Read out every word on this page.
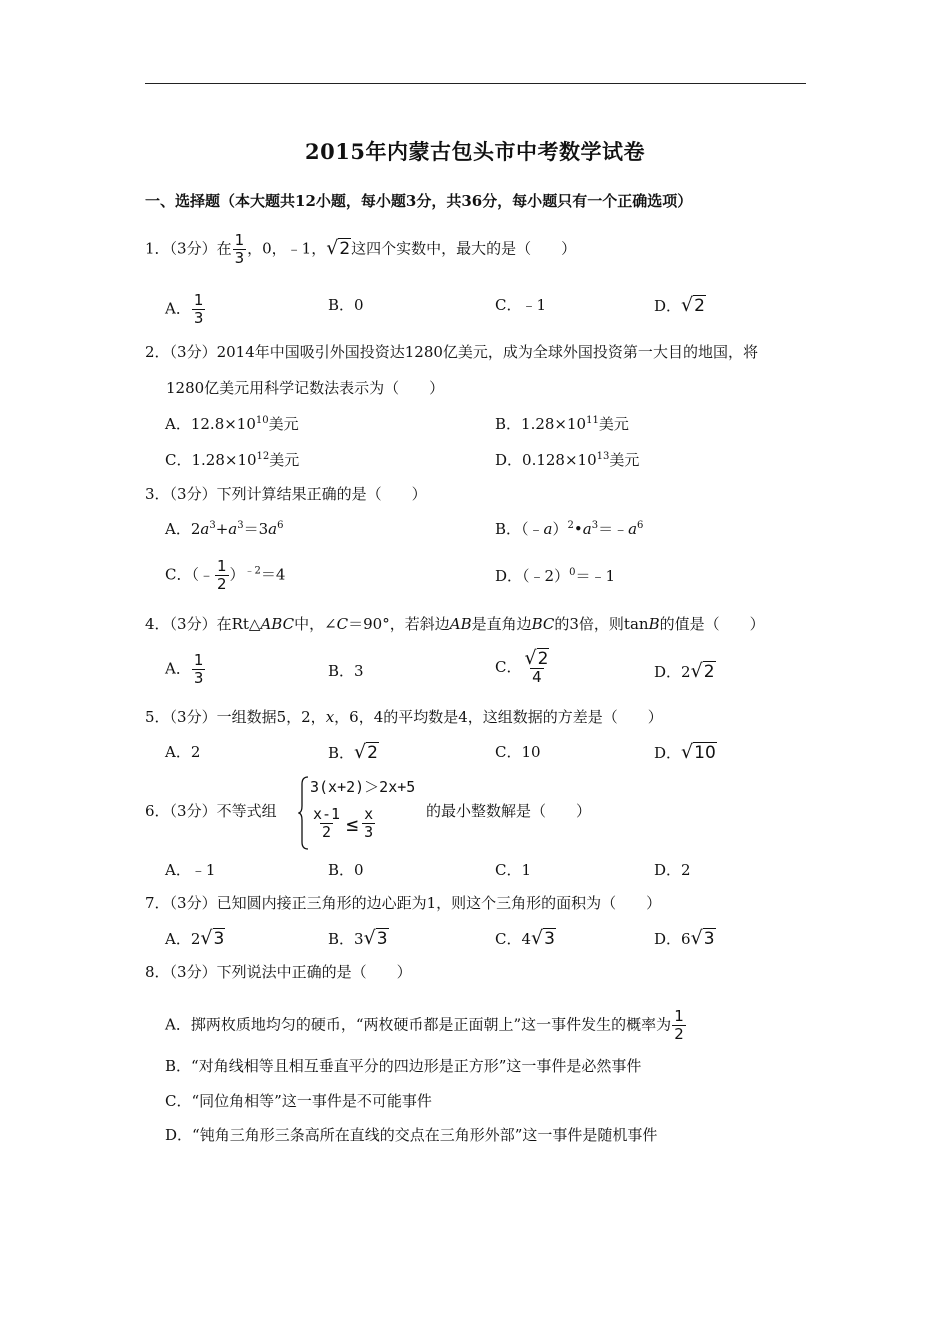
2015年内蒙古包头市中考数学试卷
一、选择题（本大题共12小题，每小题3分，共36分，每小题只有一个正确选项）
1．（3分）在 $\frac{1}{3}$ ，0，﹣1，√2这四个实数中，最大的是（　　）
A． $\frac{1}{3}$	B．0	C．﹣1	D．√2
2．（3分）2014年中国吸引外国投资达1280亿美元，成为全球外国投资第一大目的地国，将
1280亿美元用科学记数法表示为（　　）
A．$12.8\times 10^{10}$美元	B．$1.28\times 10^{11}$美元
C．$1.28\times 10^{12}$美元	D．$0.128\times 10^{13}$美元
3．（3分）下列计算结果正确的是（　　）
A．$2a^3+a^3=3a^6$	B．$(﹣a)^2•a^3=﹣a^6$
C．（﹣ $\frac{1}{2} )^{﹣2}=4$	D．（﹣2）$^0$＝﹣1
4．（3分）在Rt△ABC中，∠C＝90°，若斜边AB是直角边BC的3倍，则tanB的值是（　　）
A． $\frac{1}{3}$	B．3	C． $\frac{√2}{4}$	D．2√2
5．（3分）一组数据5，2，x，6，4的平均数是4，这组数据的方差是（　　）
A．2	B．√2	C．10	D．√10
6．（3分）不等式组
3(x+2)＞2x+5
$\frac{x-1}{2} \le \frac{x}{3}$	的最小整数解是（　　）
A．﹣1	B．0	C．1	D．2
7．（3分）已知圆内接正三角形的边心距为1，则这个三角形的面积为（　　）
A．2√3	B．3√3	C．4√3	D．6√3
8．（3分）下列说法中正确的是（　　）
A．掷两枚质地均匀的硬币，“两枚硬币都是正面朝上”这一事件发生的概率为 $\frac{1}{2}$
B．“对角线相等且相互垂直平分的四边形是正方形”这一事件是必然事件
C．“同位角相等”这一事件是不可能事件
D．“钝角三角形三条高所在直线的交点在三角形外部”这一事件是随机事件
